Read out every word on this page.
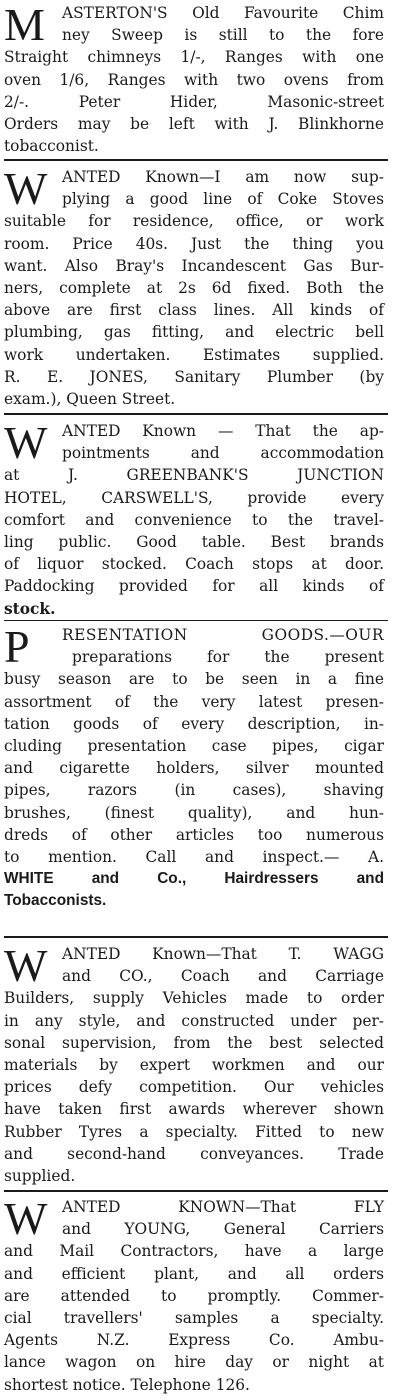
M	ASTERTON'S Old Favourite Chim
ney Sweep is still to the fore
Straight chimneys 1/-, Ranges with one
oven 1/6, Ranges with two ovens from
2/-. Peter Hider, Masonic-street
Orders may be left with J. Blinkhorne
tobacconist.
W ANTED Known—I am now sup-
plying a good line of Coke Stoves
suitable for residence, office, or work
room. Price 40s. Just the thing you
want. Also Bray's Incandescent Gas Bur-
ners, complete at 2s 6d fixed. Both the
above are first class lines. All kinds of
plumbing, gas fitting, and electric bell
work undertaken. Estimates supplied.
R. E. JONES, Sanitary Plumber (by
exam.), Queen Street.
W ANTED Known — That the ap-
pointments and accommodation
at J. GREENBANK'S JUNCTION
HOTEL, CARSWELL'S, provide every
comfort and convenience to the travel-
ling public. Good table. Best brands
of liquor stocked. Coach stops at door.
Paddocking provided for all kinds of
stock.
P	RESENTATION GOODS.—OUR
preparations for the present
busy season are to be seen in a fine
assortment of the very latest presen-
tation goods of every description, in-
cluding presentation case pipes, cigar
and cigarette holders, silver mounted
pipes, razors (in cases), shaving
brushes, (finest quality), and hun-
dreds of other articles too numerous
to mention. Call and inspect.— A.
WHITE and Co., Hairdressers and
Tobacconists.
W ANTED Known—That T. WAGG
and CO., Coach and Carriage
Builders, supply Vehicles made to order
in any style, and constructed under per-
sonal supervision, from the best selected
materials by expert workmen and our
prices defy competition. Our vehicles
have taken first awards wherever shown
Rubber Tyres a specialty. Fitted to new
and second-hand conveyances. Trade
supplied.
W ANTED KNOWN—That FLY
and YOUNG, General Carriers
and Mail Contractors, have a large
and efficient plant, and all orders
are attended to promptly. Commer-
cial travellers' samples a specialty.
Agents N.Z. Express Co. Ambu-
lance wagon on hire day or night at
shortest notice. Telephone 126.
